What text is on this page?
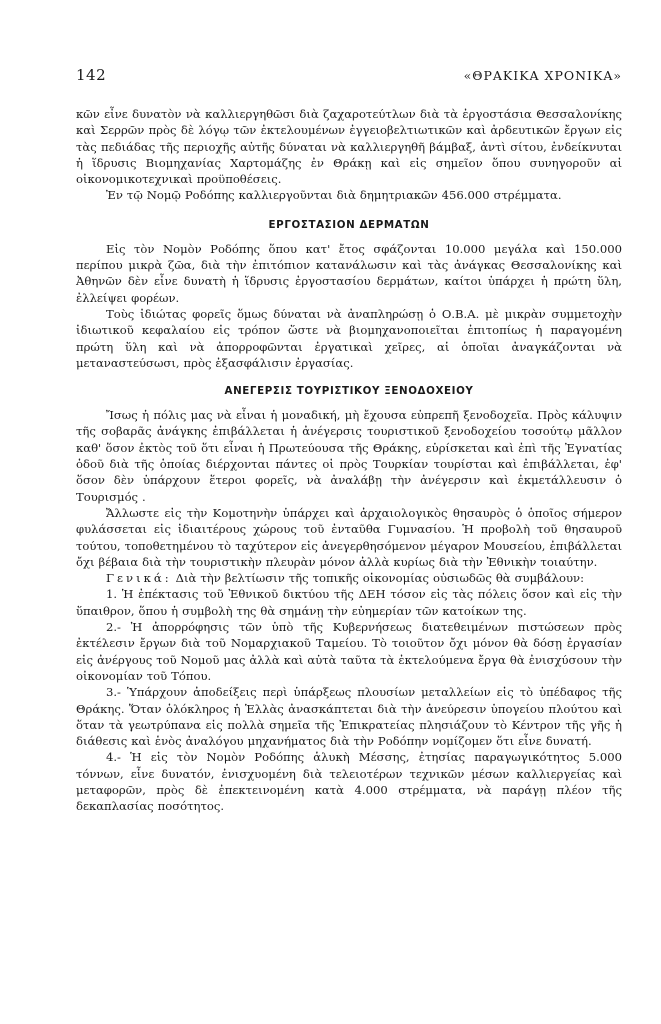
142	«ΘΡΑΚΙΚΑ ΧΡΟΝΙΚΑ»

κῶν εἶνε δυνατὸν νὰ καλλιεργηθῶσι διὰ ζαχαροτεύτλων διὰ τὰ ἐργοστάσια Θεσσαλονίκης καὶ Σερρῶν πρὸς δὲ λόγῳ τῶν ἐκτελουμένων ἐγγειοβελτιωτικῶν καὶ ἀρδευτικῶν ἔργων εἰς τὰς πεδιάδας τῆς περιοχῆς αὐτῆς δύναται νὰ καλλιεργηθῆ βάμβαξ, ἀντὶ σίτου, ἐνδείκνυται ἡ ἵδρυσις Βιομηχανίας Χαρτομάζης ἐν Θράκῃ καὶ εἰς σημεῖον ὅπου συνηγοροῦν αἱ οἰκονομικοτεχνικαὶ προϋποθέσεις.

Ἐν τῷ Νομῷ Ροδόπης καλλιεργοῦνται διὰ δημητριακῶν 456.000 στρέμματα.

ΕΡΓΟΣΤΑΣΙΟΝ ΔΕΡΜΑΤΩΝ

Εἰς τὸν Νομὸν Ροδόπης ὅπου κατ' ἔτος σφάζονται 10.000 μεγάλα καὶ 150.000 περίπου μικρὰ ζῶα, διὰ τὴν ἐπιτόπιον κατανάλωσιν καὶ τὰς ἀνάγκας Θεσσαλονίκης καὶ Ἀθηνῶν δὲν εἶνε δυνατὴ ἡ ἵδρυσις ἐργοστασίου δερμάτων, καίτοι ὑπάρχει ἡ πρώτη ὕλη, ἐλλείψει φορέων.

Τοὺς ἰδιώτας φορεῖς ὅμως δύναται νὰ ἀναπληρώσῃ ὁ Ο.Β.Α. μὲ μικρὰν συμμετοχὴν ἰδιωτικοῦ κεφαλαίου εἰς τρόπον ὥστε νὰ βιομηχανοποιεῖται ἐπιτοπίως ἡ παραγομένη πρώτη ὕλη καὶ νὰ ἀπορροφῶνται ἐργατικαὶ χεῖρες, αἱ ὁποῖαι ἀναγκάζονται νὰ μεταναστεύσωσι, πρὸς ἐξασφάλισιν ἐργασίας.

ΑΝΕΓΕΡΣΙΣ ΤΟΥΡΙΣΤΙΚΟΥ ΞΕΝΟΔΟΧΕΙΟΥ

Ἴσως ἡ πόλις μας νὰ εἶναι ἡ μοναδική, μὴ ἔχουσα εὐπρεπῆ ξενοδοχεῖα. Πρὸς κάλυψιν τῆς σοβαρᾶς ἀνάγκης ἐπιβάλλεται ἡ ἀνέγερσις τουριστικοῦ ξενοδοχείου τοσούτῳ μᾶλλον καθ' ὅσον ἐκτὸς τοῦ ὅτι εἶναι ἡ Πρωτεύουσα τῆς Θράκης, εὑρίσκεται καὶ ἐπὶ τῆς Ἐγνατίας ὁδοῦ διὰ τῆς ὁποίας διέρχονται πάντες οἱ πρὸς Τουρκίαν τουρίσται καὶ ἐπιβάλλεται, ἐφ' ὅσον δὲν ὑπάρχουν ἕτεροι φορεῖς, νὰ ἀναλάβῃ τὴν ἀνέγερσιν καὶ ἐκμετάλλευσιν ὁ Τουρισμός .

Ἄλλωστε εἰς τὴν Κομοτηνὴν ὑπάρχει καὶ ἀρχαιολογικὸς θησαυρὸς ὁ ὁποῖος σήμερον φυλάσσεται εἰς ἰδιαιτέρους χώρους τοῦ ἐνταῦθα Γυμνασίου. Ἡ προβολὴ τοῦ θησαυροῦ τούτου, τοποθετημένου τὸ ταχύτερον εἰς ἀνεγερθησόμενον μέγαρον Μουσείου, ἐπιβάλλεται ὄχι βέβαια διὰ τὴν τουριστικὴν πλευρὰν μόνον ἀλλὰ κυρίως διὰ τὴν Ἐθνικὴν τοιαύτην.

Γενικά: Διὰ τὴν βελτίωσιν τῆς τοπικῆς οἰκονομίας οὐσιωδῶς θὰ συμβάλουν:

1. Ἡ ἐπέκτασις τοῦ Ἐθνικοῦ δικτύου τῆς ΔΕΗ τόσον εἰς τὰς πόλεις ὅσον καὶ εἰς τὴν ὕπαιθρον, ὅπου ἡ συμβολὴ της θὰ σημάνῃ τὴν εὐημερίαν τῶν κατοίκων της.

2.- Ἡ ἀπορρόφησις τῶν ὑπὸ τῆς Κυβερνήσεως διατεθειμένων πιστώσεων πρὸς ἐκτέλεσιν ἔργων διὰ τοῦ Νομαρχιακοῦ Ταμείου. Τὸ τοιοῦτον ὄχι μόνον θὰ δόσῃ ἐργασίαν εἰς ἀνέργους τοῦ Νομοῦ μας ἀλλὰ καὶ αὐτὰ ταῦτα τὰ ἐκτελούμενα ἔργα θὰ ἐνισχύσουν τὴν οἰκονομίαν τοῦ Τόπου.

3.- Ὑπάρχουν ἀποδείξεις περὶ ὑπάρξεως πλουσίων μεταλλείων εἰς τὸ ὑπέδαφος τῆς Θράκης. Ὅταν ὁλόκληρος ἡ Ἑλλὰς ἀνασκάπτεται διὰ τὴν ἀνεύρεσιν ὑπογείου πλούτου καὶ ὅταν τὰ γεωτρύπανα εἰς πολλὰ σημεῖα τῆς Ἐπικρατείας πλησιάζουν τὸ Κέντρον τῆς γῆς ἡ διάθεσις καὶ ἑνὸς ἀναλόγου μηχανήματος διὰ τὴν Ροδόπην νομίζομεν ὅτι εἶνε δυνατή.

4.- Ἡ εἰς τὸν Νομὸν Ροδόπης ἁλυκὴ Μέσσης, ἐτησίας παραγωγικότητος 5.000 τόννων, εἶνε δυνατόν, ἐνισχυομένη διὰ τελειοτέρων τεχνικῶν μέσων καλλιεργείας καὶ μεταφορῶν, πρὸς δὲ ἐπεκτεινομένη κατὰ 4.000 στρέμματα, νὰ παράγῃ πλέον τῆς δεκαπλασίας ποσότητος.
